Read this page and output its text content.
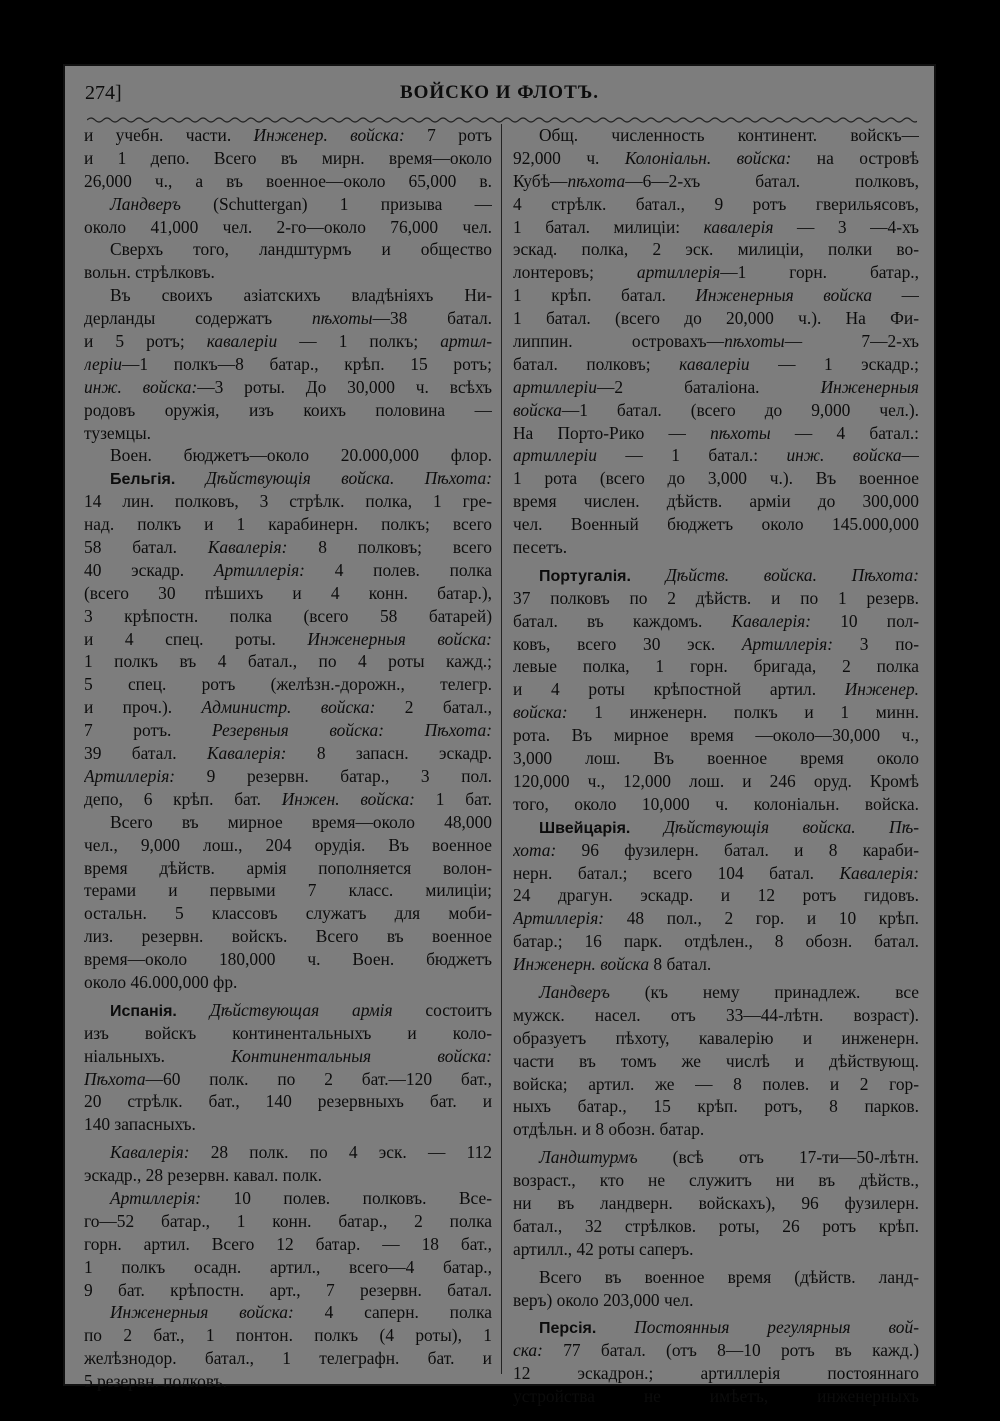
274]	ВОЙСКО И ФЛОТЪ.
и учебн. части. Инженер. войска: 7 ротъ
и 1 депо. Всего въ мирн. время—около
26,000 ч., а въ военное—около 65,000 в.
Ландверъ (Schuttergan) 1 призыва —
около 41,000 чел. 2-го—около 76,000 чел.
Сверхъ того, ландштурмъ и общество
вольн. стрѣлковъ.
Въ своихъ азіатскихъ владѣніяхъ Ни-
дерланды содержатъ пѣхоты—38 батал.
и 5 ротъ; кавалеріи — 1 полкъ; артил-
леріи—1 полкъ—8 батар., крѣп. 15 ротъ;
инж. войска:—3 роты. До 30,000 ч. всѣхъ
родовъ оружія, изъ коихъ половина —
туземцы.
Воен. бюджетъ—около 20.000,000 флор.
Бельгія. Дѣйствующія войска. Пѣхота:
14 лин. полковъ, 3 стрѣлк. полка, 1 гре-
над. полкъ и 1 карабинерн. полкъ; всего
58 батал. Кавалерія: 8 полковъ; всего
40 эскадр. Артиллерія: 4 полев. полка
(всего 30 пѣшихъ и 4 конн. батар.),
3 крѣпостн. полка (всего 58 батарей)
и 4 спец. роты. Инженерныя войска:
1 полкъ въ 4 батал., по 4 роты кажд.;
5 спец. ротъ (желѣзн.-дорожн., телегр.
и проч.). Администр. войска: 2 батал.,
7 ротъ. Резервныя войска: Пѣхота:
39 батал. Кавалерія: 8 запасн. эскадр.
Артиллерія: 9 резервн. батар., 3 пол.
депо, 6 крѣп. бат. Инжен. войска: 1 бат.
Всего въ мирное время—около 48,000
чел., 9,000 лош., 204 орудія. Въ военное
время дѣйств. армія пополняется волон-
терами и первыми 7 класс. милиціи;
остальн. 5 классовъ служатъ для моби-
лиз. резервн. войскъ. Всего въ военное
время—около 180,000 ч. Воен. бюджетъ
около 46.000,000 фр.
Испанія. Дѣйствующая армія состоитъ
изъ войскъ континентальныхъ и коло-
ніальныхъ. Континентальныя войска:
Пѣхота—60 полк. по 2 бат.—120 бат.,
20 стрѣлк. бат., 140 резервныхъ бат. и
140 запасныхъ.
Кавалерія: 28 полк. по 4 эск. — 112
эскадр., 28 резервн. кавал. полк.
Артиллерія: 10 полев. полковъ. Все-
го—52 батар., 1 конн. батар., 2 полка
горн. артил. Всего 12 батар. — 18 бат.,
1 полкъ осадн. артил., всего—4 батар.,
9 бат. крѣпостн. арт., 7 резервн. батал.
Инженерныя войска: 4 саперн. полка
по 2 бат., 1 понтон. полкъ (4 роты), 1
желѣзнодор. батал., 1 телеграфн. бат. и
5 резервн. полковъ.
Общ. численность континент. войскъ—
92,000 ч. Колоніальн. войска: на островѣ
Кубѣ—пѣхота—6—2-хъ батал. полковъ,
4 стрѣлк. батал., 9 ротъ гверильясовъ,
1 батал. милиціи: кавалерія — 3 —4-хъ
эскад. полка, 2 эск. милиціи, полки во-
лонтеровъ; артиллерія—1 горн. батар.,
1 крѣп. батал. Инженерныя войска —
1 батал. (всего до 20,000 ч.). На Фи-
липпин. островахъ—пѣхоты— 7—2-хъ
батал. полковъ; кавалеріи — 1 эскадр.;
артиллеріи—2 баталіона. Инженерныя
войска—1 батал. (всего до 9,000 чел.).
На Порто-Рико — пѣхоты — 4 батал.:
артиллеріи — 1 батал.: инж. войска—
1 рота (всего до 3,000 ч.). Въ военное
время числен. дѣйств. арміи до 300,000
чел. Военный бюджетъ около 145.000,000
песетъ.
Португалія. Дѣйств. войска. Пѣхота:
37 полковъ по 2 дѣйств. и по 1 резерв.
батал. въ каждомъ. Кавалерія: 10 пол-
ковъ, всего 30 эск. Артиллерія: 3 по-
левые полка, 1 горн. бригада, 2 полка
и 4 роты крѣпостной артил. Инженер.
войска: 1 инженерн. полкъ и 1 минн.
рота. Въ мирное время —около—30,000 ч.,
3,000 лош. Въ военное время около
120,000 ч., 12,000 лош. и 246 оруд. Кромѣ
того, около 10,000 ч. колоніальн. войска.
Швейцарія. Дѣйствующія войска. Пѣ-
хота: 96 фузилерн. батал. и 8 караби-
нерн. батал.; всего 104 батал. Кавалерія:
24 драгун. эскадр. и 12 ротъ гидовъ.
Артиллерія: 48 пол., 2 гор. и 10 крѣп.
батар.; 16 парк. отдѣлен., 8 обозн. батал.
Инженерн. войска 8 батал.
Ландверъ (къ нему принадлеж. все
мужск. насел. отъ 33—44-лѣтн. возраст).
образуетъ пѣхоту, кавалерію и инженерн.
части въ томъ же числѣ и дѣйствующ.
войска; артил. же — 8 полев. и 2 гор-
ныхъ батар., 15 крѣп. ротъ, 8 парков.
отдѣльн. и 8 обозн. батар.
Ландштурмъ (всѣ отъ 17-ти—50-лѣтн.
возраст., кто не служитъ ни въ дѣйств.,
ни въ ландверн. войскахъ), 96 фузилерн.
батал., 32 стрѣлков. роты, 26 ротъ крѣп.
артилл., 42 роты саперъ.
Всего въ военное время (дѣйств. ланд-
веръ) около 203,000 чел.
Персія. Постоянныя регулярныя вой-
ска: 77 батал. (отъ 8—10 ротъ въ кажд.)
12 эскадрон.; артиллерія постояннаго
устройства не имѣетъ, инженерныхъ
